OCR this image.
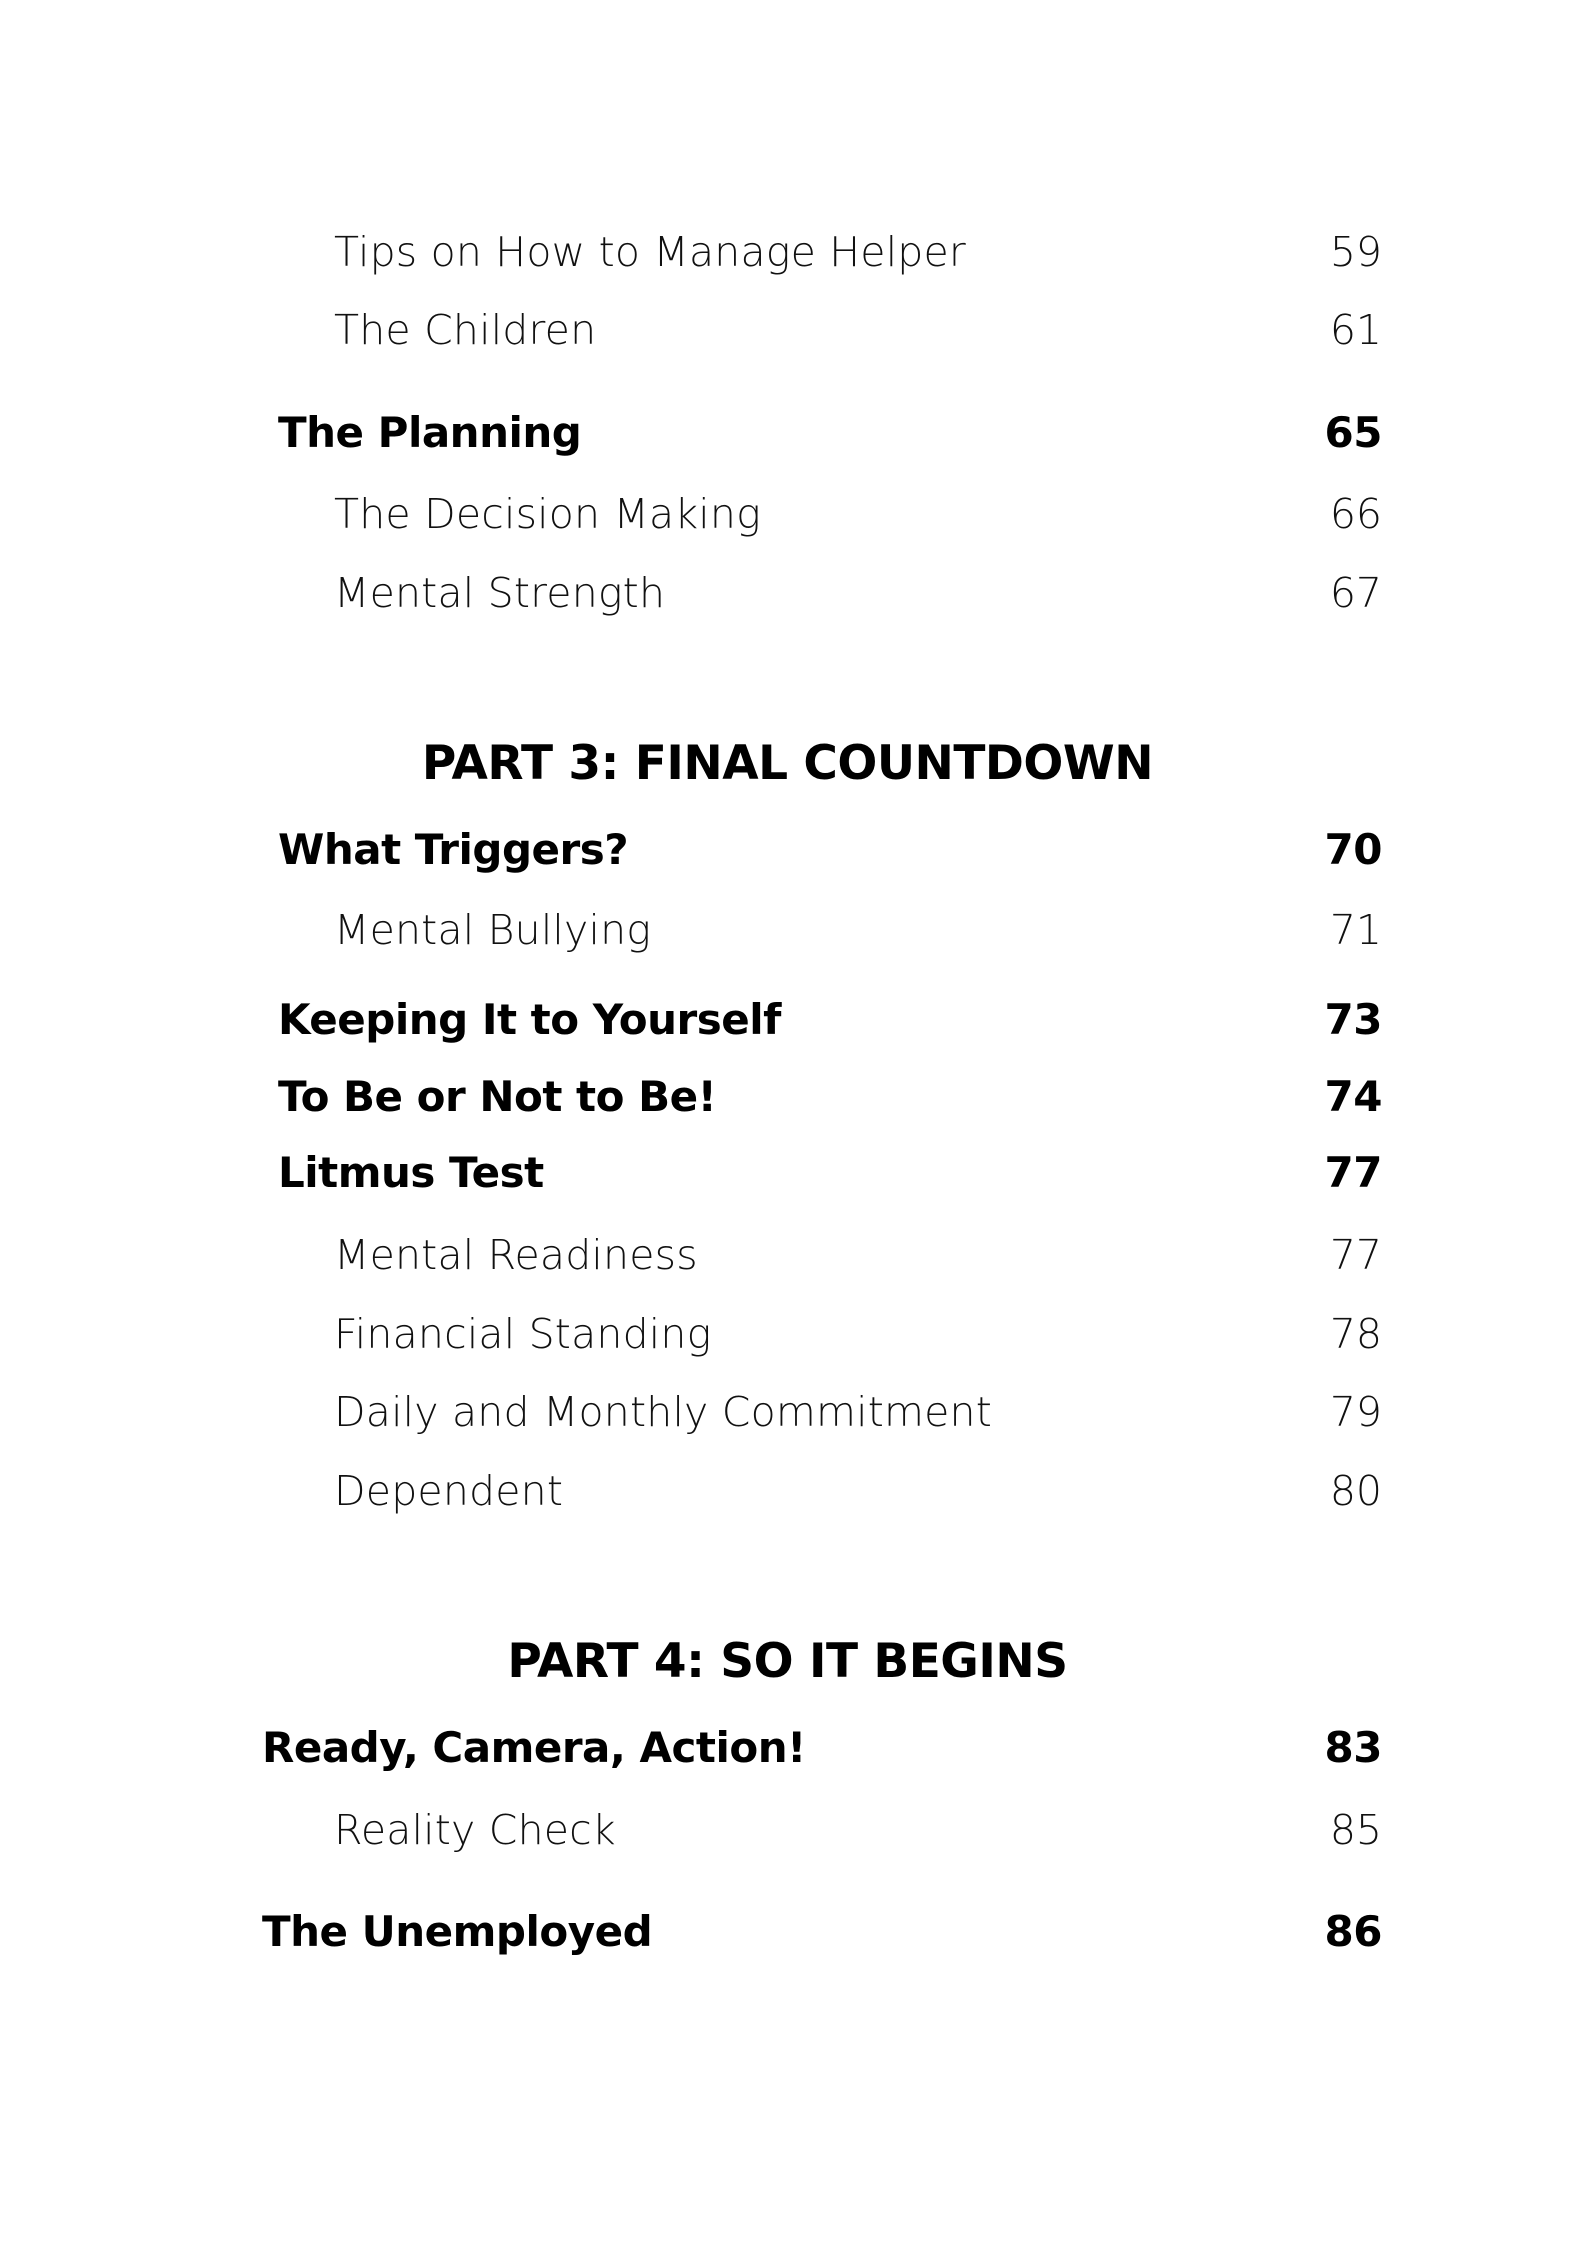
Tips on How to Manage Helper	59
The Children	61
The Planning	65
The Decision Making	66
Mental Strength	67
PART 3: FINAL COUNTDOWN
What Triggers?	70
Mental Bullying	71
Keeping It to Yourself	73
To Be or Not to Be!	74
Litmus Test	77
Mental Readiness	77
Financial Standing	78
Daily and Monthly Commitment	79
Dependent	80
PART 4: SO IT BEGINS
Ready, Camera, Action!	83
Reality Check	85
The Unemployed	86
